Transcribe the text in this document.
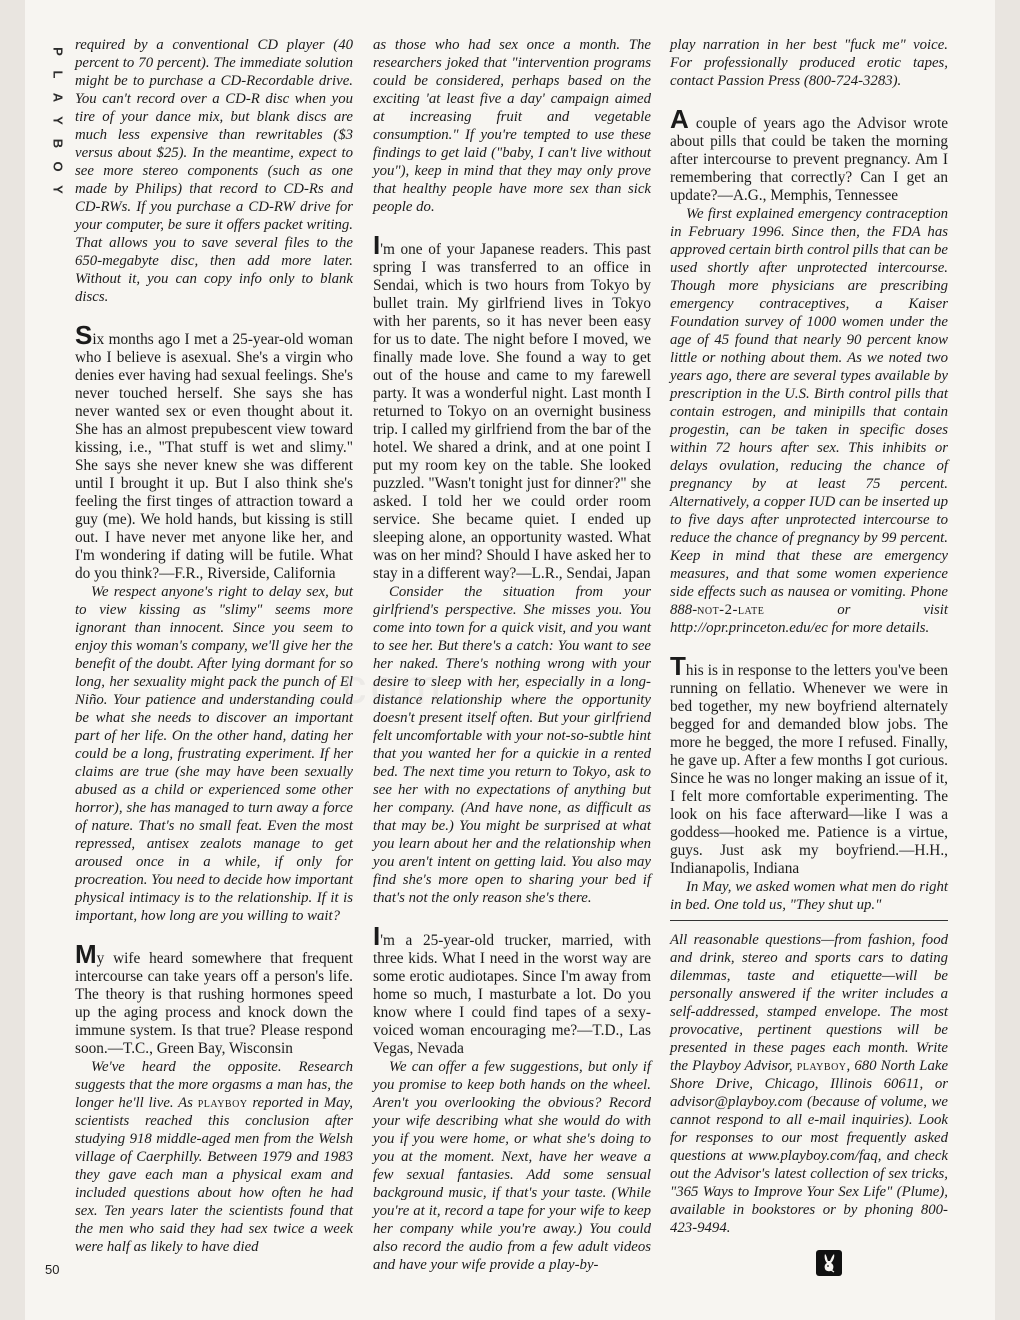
P
L
A
Y
B
O
Y
50
.com

required by a conventional CD player (40 percent to 70 percent). The immediate solution might be to purchase a CD-Recordable drive. You can't record over a CD-R disc when you tire of your dance mix, but blank discs are much less expensive than rewritables ($3 versus about $25). In the meantime, expect to see more stereo components (such as one made by Philips) that record to CD-Rs and CD-RWs. If you purchase a CD-RW drive for your computer, be sure it offers packet writing. That allows you to save several files to the 650-megabyte disc, then add more later. Without it, you can copy info only to blank discs.

Six months ago I met a 25-year-old woman who I believe is asexual. She's a virgin who denies ever having had sexual feelings. She's never touched herself. She says she has never wanted sex or even thought about it. She has an almost prepubescent view toward kissing, i.e., "That stuff is wet and slimy." She says she never knew she was different until I brought it up. But I also think she's feeling the first tinges of attraction toward a guy (me). We hold hands, but kissing is still out. I have never met anyone like her, and I'm wondering if dating will be futile. What do you think?—F.R., Riverside, California

We respect anyone's right to delay sex, but to view kissing as "slimy" seems more ignorant than innocent. Since you seem to enjoy this woman's company, we'll give her the benefit of the doubt. After lying dormant for so long, her sexuality might pack the punch of El Niño. Your patience and understanding could be what she needs to discover an important part of her life. On the other hand, dating her could be a long, frustrating experiment. If her claims are true (she may have been sexually abused as a child or experienced some other horror), she has managed to turn away a force of nature. That's no small feat. Even the most repressed, antisex zealots manage to get aroused once in a while, if only for procreation. You need to decide how important physical intimacy is to the relationship. If it is important, how long are you willing to wait?

My wife heard somewhere that frequent intercourse can take years off a person's life. The theory is that rushing hormones speed up the aging process and knock down the immune system. Is that true? Please respond soon.—T.C., Green Bay, Wisconsin

We've heard the opposite. Research suggests that the more orgasms a man has, the longer he'll live. As playboy reported in May, scientists reached this conclusion after studying 918 middle-aged men from the Welsh village of Caerphilly. Between 1979 and 1983 they gave each man a physical exam and included questions about how often he had sex. Ten years later the scientists found that the men who said they had sex twice a week were half as likely to have died

as those who had sex once a month. The researchers joked that "intervention programs could be considered, perhaps based on the exciting 'at least five a day' campaign aimed at increasing fruit and vegetable consumption." If you're tempted to use these findings to get laid ("baby, I can't live without you"), keep in mind that they may only prove that healthy people have more sex than sick people do.

I'm one of your Japanese readers. This past spring I was transferred to an office in Sendai, which is two hours from Tokyo by bullet train. My girlfriend lives in Tokyo with her parents, so it has never been easy for us to date. The night before I moved, we finally made love. She found a way to get out of the house and came to my farewell party. It was a wonderful night. Last month I returned to Tokyo on an overnight business trip. I called my girlfriend from the bar of the hotel. We shared a drink, and at one point I put my room key on the table. She looked puzzled. "Wasn't tonight just for dinner?" she asked. I told her we could order room service. She became quiet. I ended up sleeping alone, an opportunity wasted. What was on her mind? Should I have asked her to stay in a different way?—L.R., Sendai, Japan

Consider the situation from your girlfriend's perspective. She misses you. You come into town for a quick visit, and you want to see her. But there's a catch: You want to see her naked. There's nothing wrong with your desire to sleep with her, especially in a long-distance relationship where the opportunity doesn't present itself often. But your girlfriend felt uncomfortable with your not-so-subtle hint that you wanted her for a quickie in a rented bed. The next time you return to Tokyo, ask to see her with no expectations of anything but her company. (And have none, as difficult as that may be.) You might be surprised at what you learn about her and the relationship when you aren't intent on getting laid. You also may find she's more open to sharing your bed if that's not the only reason she's there.

I'm a 25-year-old trucker, married, with three kids. What I need in the worst way are some erotic audiotapes. Since I'm away from home so much, I masturbate a lot. Do you know where I could find tapes of a sexy-voiced woman encouraging me?—T.D., Las Vegas, Nevada

We can offer a few suggestions, but only if you promise to keep both hands on the wheel. Aren't you overlooking the obvious? Record your wife describing what she would do with you if you were home, or what she's doing to you at the moment. Next, have her weave a few sexual fantasies. Add some sensual background music, if that's your taste. (While you're at it, record a tape for your wife to keep her company while you're away.) You could also record the audio from a few adult videos and have your wife provide a play-by-

play narration in her best "fuck me" voice. For professionally produced erotic tapes, contact Passion Press (800-724-3283).

A couple of years ago the Advisor wrote about pills that could be taken the morning after intercourse to prevent pregnancy. Am I remembering that correctly? Can I get an update?—A.G., Memphis, Tennessee

We first explained emergency contraception in February 1996. Since then, the FDA has approved certain birth control pills that can be used shortly after unprotected intercourse. Though more physicians are prescribing emergency contraceptives, a Kaiser Foundation survey of 1000 women under the age of 45 found that nearly 90 percent know little or nothing about them. As we noted two years ago, there are several types available by prescription in the U.S. Birth control pills that contain estrogen, and minipills that contain progestin, can be taken in specific doses within 72 hours after sex. This inhibits or delays ovulation, reducing the chance of pregnancy by at least 75 percent. Alternatively, a copper IUD can be inserted up to five days after unprotected intercourse to reduce the chance of pregnancy by 99 percent. Keep in mind that these are emergency measures, and that some women experience side effects such as nausea or vomiting. Phone 888-not-2-late	or visit http://opr.princeton.edu/ec for more details.

This is in response to the letters you've been running on fellatio. Whenever we were in bed together, my new boyfriend alternately begged for and demanded blow jobs. The more he begged, the more I refused. Finally, he gave up. After a few months I got curious. Since he was no longer making an issue of it, I felt more comfortable experimenting. The look on his face afterward—like I was a goddess—hooked me. Patience is a virtue, guys. Just ask my boyfriend.—H.H., Indianapolis, Indiana

In May, we asked women what men do right in bed. One told us, "They shut up."

All reasonable questions—from fashion, food and drink, stereo and sports cars to dating dilemmas, taste and etiquette—will be personally answered if the writer includes a self-addressed, stamped envelope. The most provocative, pertinent questions will be presented in these pages each month. Write the Playboy Advisor, playboy, 680 North Lake Shore Drive, Chicago, Illinois 60611, or advisor@playboy.com (because of volume, we cannot respond to all e-mail inquiries). Look for responses to our most frequently asked questions at www.playboy.com/faq, and check out the Advisor's latest collection of sex tricks, "365 Ways to Improve Your Sex Life" (Plume), available in bookstores or by phoning 800-423-9494.
